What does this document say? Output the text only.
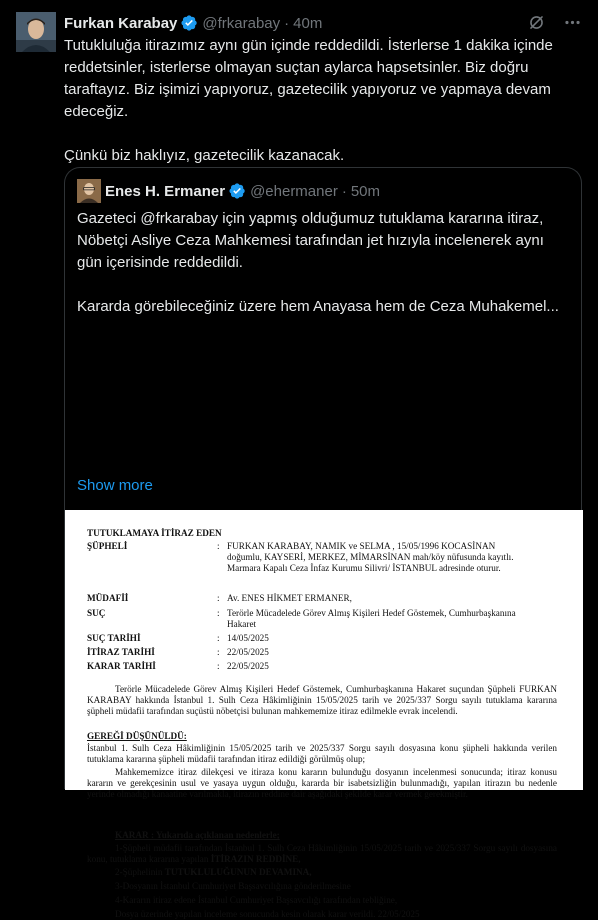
Furkan Karabay @frkarabay · 40m

Tutukluluğa itirazımız aynı gün içinde reddedildi. İsterlerse 1 dakika içinde reddetsinler, isterlerse olmayan suçtan aylarca hapsetsinler. Biz doğru taraftayız. Biz işimizi yapıyoruz, gazetecilik yapıyoruz ve yapmaya devam edeceğiz.

Çünkü biz haklıyız, gazetecilik kazanacak.

Enes H. Ermaner @ehermaner · 50m

Gazeteci @frkarabay için yapmış olduğumuz tutuklama kararına itiraz, Nöbetçi Asliye Ceza Mahkemesi tarafından jet hızıyla incelenerek aynı gün içerisinde reddedildi.

Kararda görebileceğiniz üzere hem Anayasa hem de Ceza Muhakemel...

Show more
TUTUKLAMAYA İTİRAZ EDEN
ŞÜPHELİ	: FURKAN KARABAY, NAMIK ve SELMA , 15/05/1996 KOCASİNAN doğumlu, KAYSERİ, MERKEZ, MİMARSİNAN mah/köy nüfusunda kayıtlı. Marmara Kapalı Ceza İnfaz Kurumu Silivri/ İSTANBUL adresinde oturur.
MÜDAFİİ	: Av. ENES HİKMET ERMANER,
SUÇ	: Terörle Mücadelede Görev Almış Kişileri Hedef Göstemek, Cumhurbaşkanına Hakaret
SUÇ TARİHİ	: 14/05/2025
İTİRAZ TARİHİ	: 22/05/2025
KARAR TARİHİ	: 22/05/2025
Terörle Mücadelede Görev Almış Kişileri Hedef Göstemek, Cumhurbaşkanına Hakaret suçundan Şüpheli FURKAN KARABAY hakkında İstanbul 1. Sulh Ceza Hâkimliğinin 15/05/2025 tarih ve 2025/337 Sorgu sayılı tutuklama kararına şüpheli müdafii tarafından suçüstü nöbetçisi bulunan mahkememize itiraz edilmekle evrak incelendi.
GEREĞİ DÜŞÜNÜLDÜ:
İstanbul 1. Sulh Ceza Hâkimliğinin 15/05/2025 tarih ve 2025/337 Sorgu sayılı dosyasına konu şüpheli hakkında verilen tutuklama kararına şüpheli müdafii tarafından itiraz edildiği görülmüş olup;
Mahkememizce itiraz dilekçesi ve itiraza konu kararın bulunduğu dosyanın incelenmesi sonucunda; itiraz konusu kararın ve gerekçesinin usul ve yasaya uygun olduğu, kararda bir isabetsizliğin bulunmadığı, yapılan itirazın bu nedenle yerinde olmadığı kanaatine varılmakla, itirazın reddine dair aşağıdaki şekilde karar vermek gerekmiştir.
KARAR : Yukarıda açıklanan nedenlerle;
1-Şüpheli müdafii tarafından İstanbul 1. Sulh Ceza Hâkimliğinin 15/05/2025 tarih ve 2025/337 Sorgu sayılı dosyasına konu, tutuklama kararına yapılan İTİRAZIN REDDİNE,
2-Şüphelinin TUTUKLULUĞUNUN DEVAMINA,
3-Dosyanın İstanbul Cumhuriyet Başsavcılığına gönderilmesine
4-Kararın itiraz edene İstanbul Cumhuriyet Başsavcılığı tarafından tebliğine,
Dosya üzerinde yapılan inceleme sonucunda kesin olarak karar verildi. 22/05/2025
